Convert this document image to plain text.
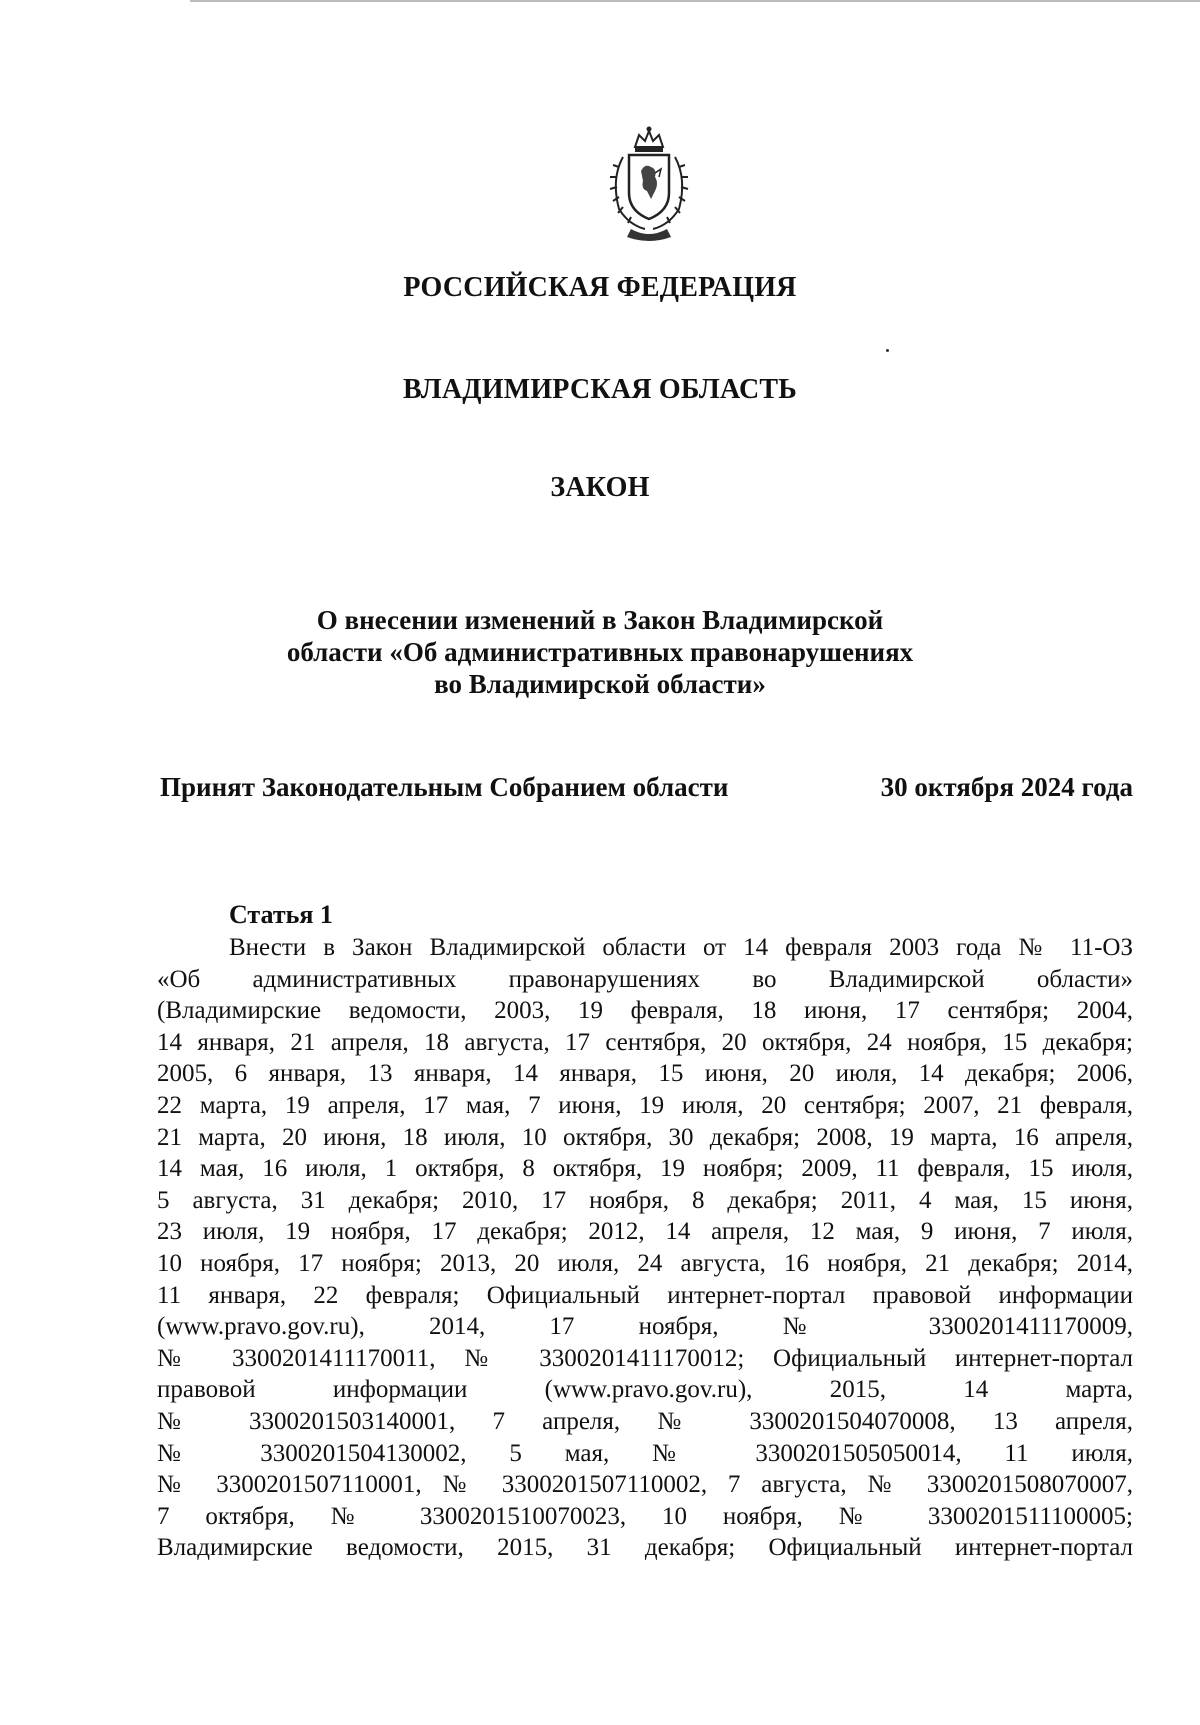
РОССИЙСКАЯ ФЕДЕРАЦИЯ
ВЛАДИМИРСКАЯ ОБЛАСТЬ
ЗАКОН
О внесении изменений в Закон Владимирской
области «Об административных правонарушениях
во Владимирской области»
Принят Законодательным Собранием области	30 октября 2024 года
Статья 1
Внести в Закон Владимирской области от 14 февраля 2003 года № 11-ОЗ
«Об административных правонарушениях во Владимирской области»
(Владимирские ведомости, 2003, 19 февраля, 18 июня, 17 сентября; 2004,
14 января, 21 апреля, 18 августа, 17 сентября, 20 октября, 24 ноября, 15 декабря;
2005, 6 января, 13 января, 14 января, 15 июня, 20 июля, 14 декабря; 2006,
22 марта, 19 апреля, 17 мая, 7 июня, 19 июля, 20 сентября; 2007, 21 февраля,
21 марта, 20 июня, 18 июля, 10 октября, 30 декабря; 2008, 19 марта, 16 апреля,
14 мая, 16 июля, 1 октября, 8 октября, 19 ноября; 2009, 11 февраля, 15 июля,
5 августа, 31 декабря; 2010, 17 ноября, 8 декабря; 2011, 4 мая, 15 июня,
23 июля, 19 ноября, 17 декабря; 2012, 14 апреля, 12 мая, 9 июня, 7 июля,
10 ноября, 17 ноября; 2013, 20 июля, 24 августа, 16 ноября, 21 декабря; 2014,
11 января, 22 февраля; Официальный интернет-портал правовой информации
(www.pravo.gov.ru), 2014, 17 ноября, № 3300201411170009,
№ 3300201411170011, № 3300201411170012; Официальный интернет-портал
правовой информации (www.pravo.gov.ru), 2015, 14 марта,
№ 3300201503140001, 7 апреля, № 3300201504070008, 13 апреля,
№ 3300201504130002, 5 мая, № 3300201505050014, 11 июля,
№ 3300201507110001, № 3300201507110002, 7 августа, № 3300201508070007,
7 октября, № 3300201510070023, 10 ноября, № 3300201511100005;
Владимирские ведомости, 2015, 31 декабря; Официальный интернет-портал
